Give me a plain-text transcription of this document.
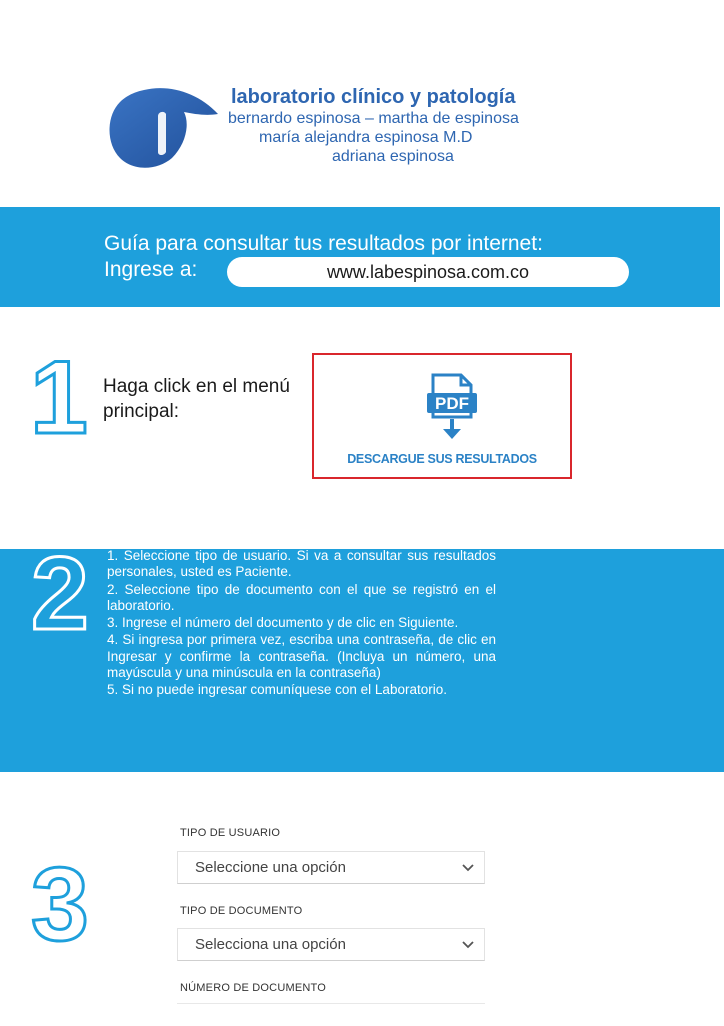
laboratorio clínico y patología
bernardo espinosa – martha de espinosa
maría alejandra espinosa M.D
adriana espinosa
Guía para consultar tus resultados por internet:
Ingrese a:	www.labespinosa.com.co
1 Haga click en el menú principal:	PDF
DESCARGUE SUS RESULTADOS
2 1. Seleccione tipo de usuario. Si va a consultar sus resultados personales, usted es Paciente.

2. Seleccione tipo de documento con el que se registró en el laboratorio.

3. Ingrese el número del documento y de clic en Siguiente.

4. Si ingresa por primera vez, escriba una contraseña, de clic en Ingresar y confirme la contraseña. (Incluya un número, una mayúscula y una minúscula en la contraseña)

5. Si no puede ingresar comuníquese con el Laboratorio.

3
TIPO DE USUARIO
Seleccione una opción
TIPO DE DOCUMENTO
Selecciona una opción
NÚMERO DE DOCUMENTO
